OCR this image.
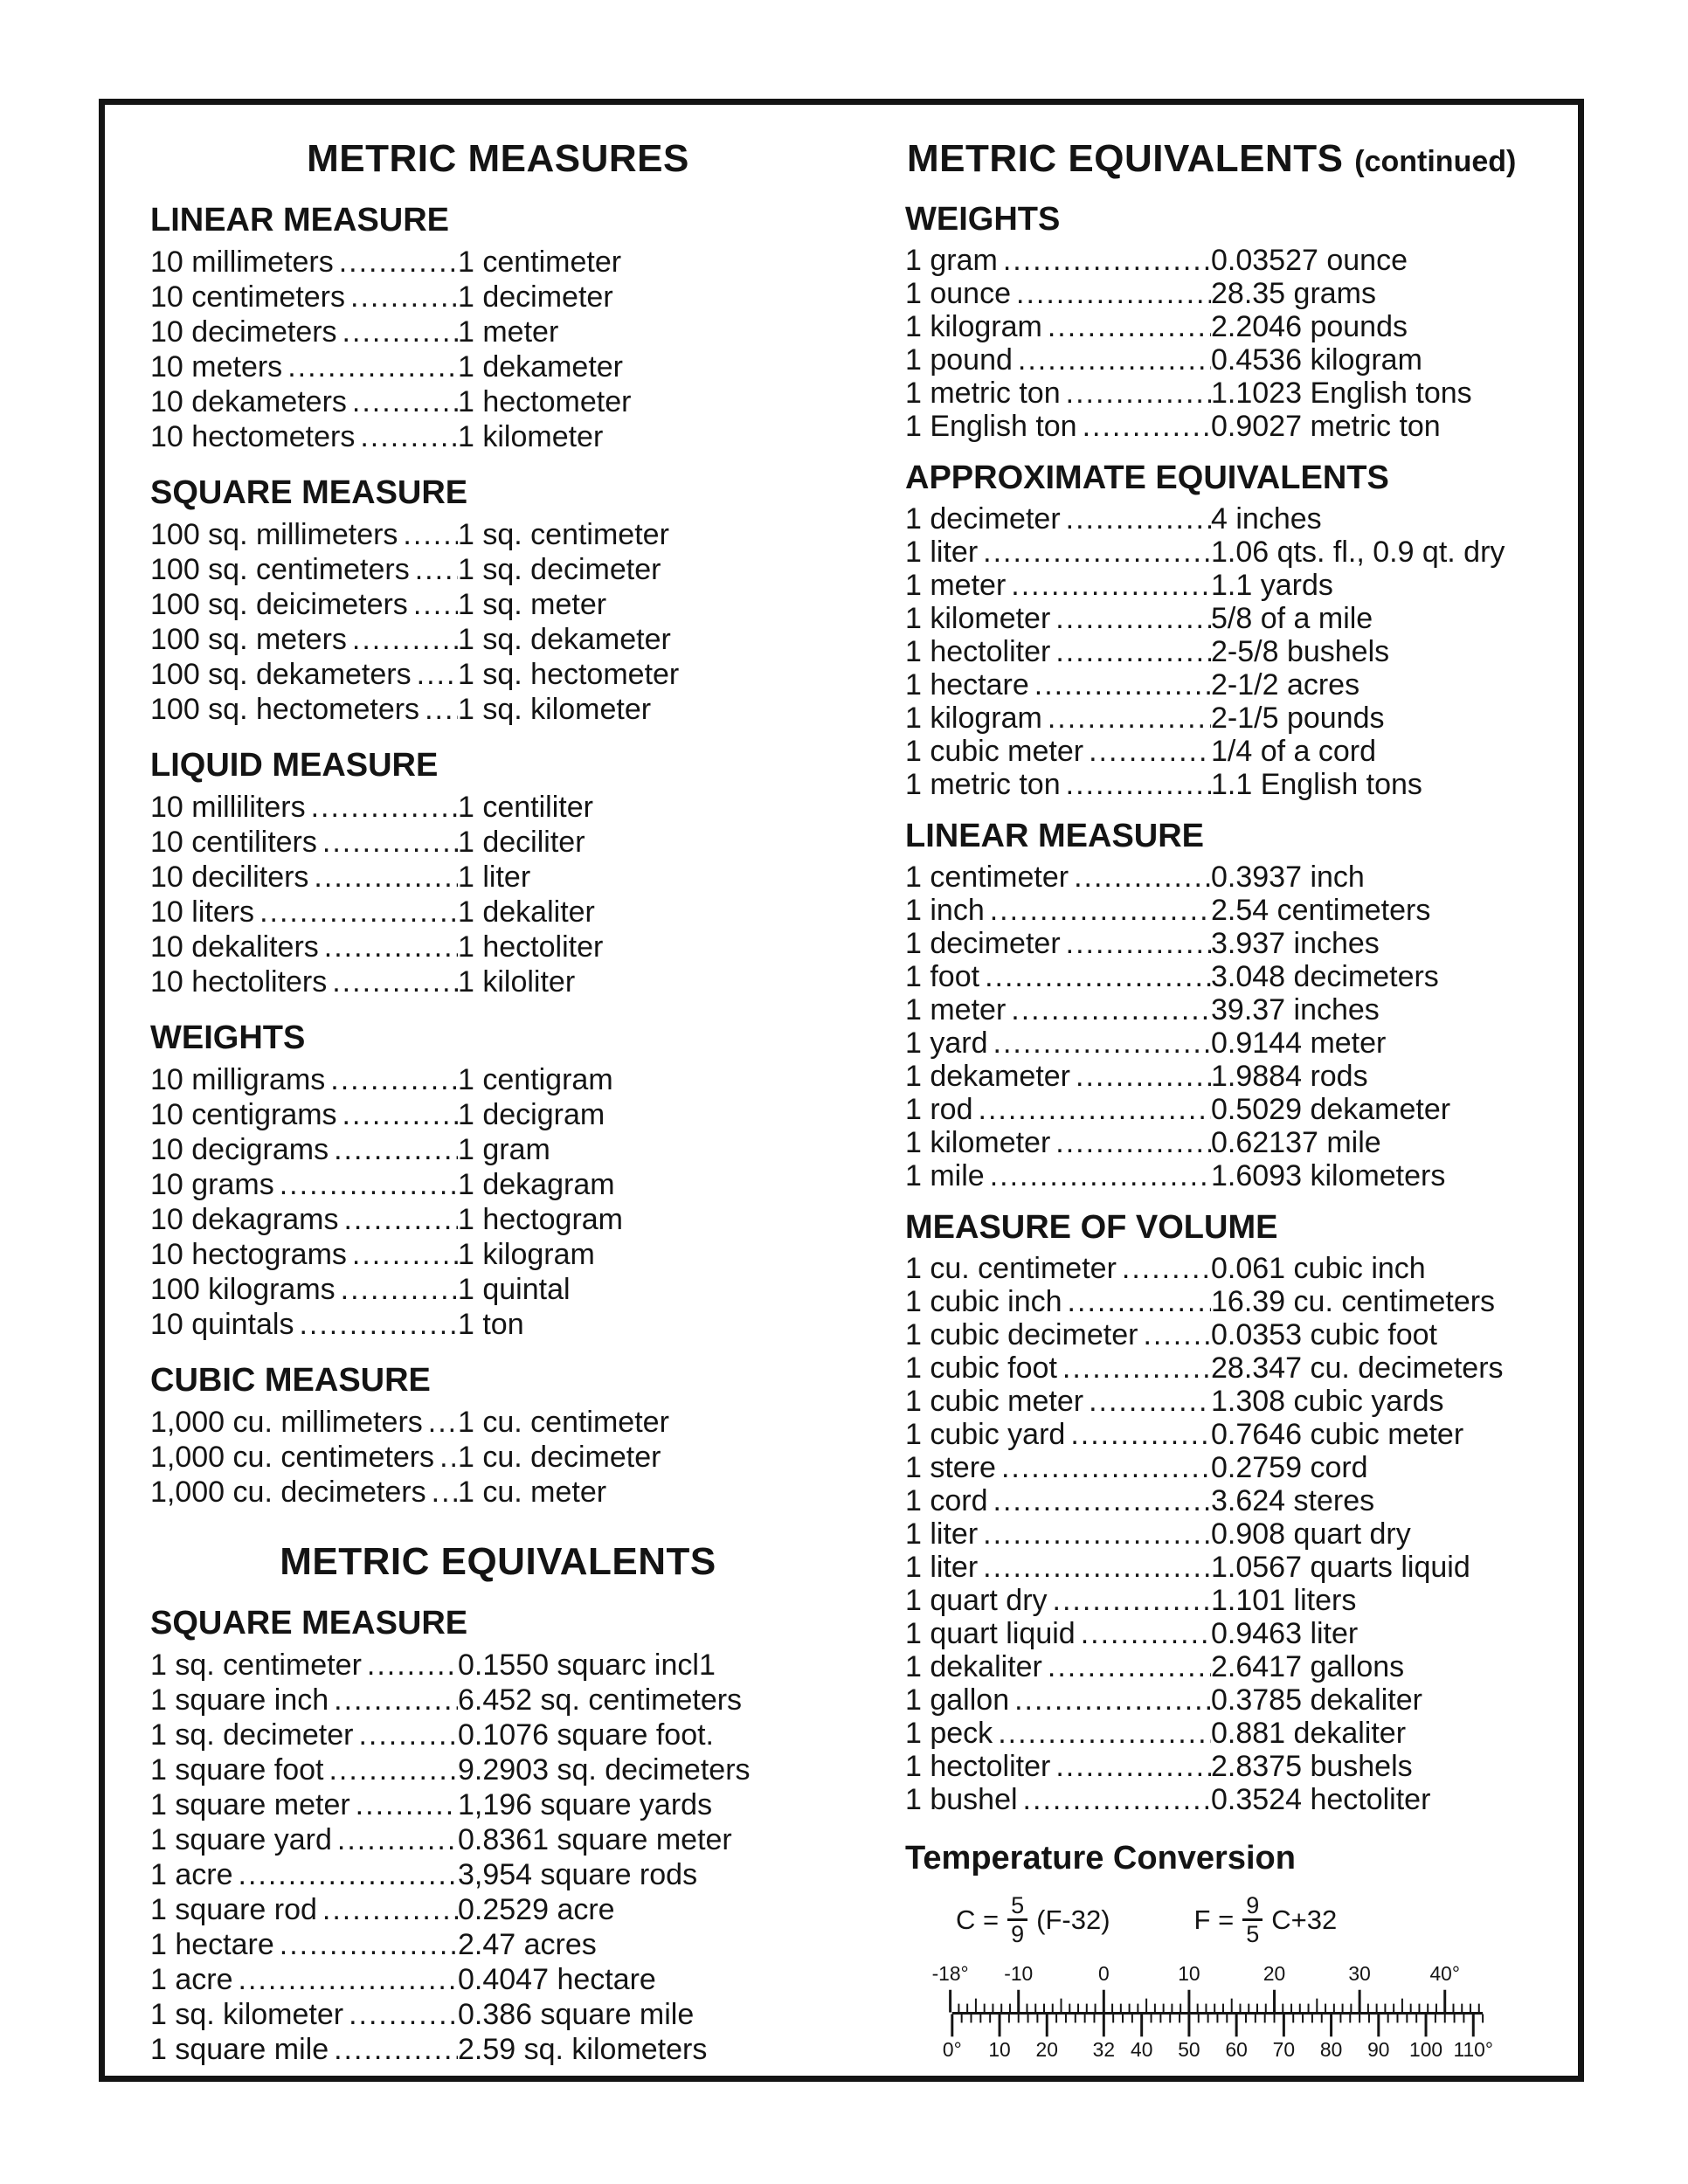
METRIC MEASURES
LINEAR MEASURE
10 millimeters .....	1 centimeter
10 centimeters .....	1 decimeter
10 decimeters .....	1 meter
10 meters .....	1 dekameter
10 dekameters .....	1 hectometer
10 hectometers .....	1 kilometer
SQUARE MEASURE
100 sq. millimeters ..... 1 sq. centimeter
100 sq. centimeters ..... 1 sq. decimeter
100 sq. deicimeters ..... 1 sq. meter
100 sq. meters .....	1 sq. dekameter
100 sq. dekameters ..... 1 sq. hectometer
100 sq. hectometers ..... 1 sq. kilometer
LIQUID MEASURE
10 milliliters .....	1 centiliter
10 centiliters .....	1 deciliter
10 deciliters .....	1 liter
10 liters .....	1 dekaliter
10 dekaliters .....	1 hectoliter
10 hectoliters .....	1 kiloliter
WEIGHTS
10 milligrams .....	1 centigram
10 centigrams .....	1 decigram
10 decigrams .....	1 gram
10 grams .....	1 dekagram
10 dekagrams .....	1 hectogram
10 hectograms .....	1 kilogram
100 kilograms .....	1 quintal
10 quintals .....	1 ton
CUBIC MEASURE
1,000 cu. millimeters ..... 1 cu. centimeter
1,000 cu. centimeters ..... 1 cu. decimeter
1,000 cu. decimeters ..... 1 cu. meter
METRIC EQUIVALENTS
SQUARE MEASURE
1 sq. centimeter .....	0.1550 squarc incl1
1 square inch .....	6.452 sq. centimeters
1 sq. decimeter .....	0.1076 square foot.
1 square foot .....	9.2903 sq. decimeters
1 square meter .....	1,196 square yards
1 square yard .....	0.8361 square meter
1 acre .....	3,954 square rods
1 square rod .....	0.2529 acre
1 hectare .....	2.47 acres
1 acre .....	0.4047 hectare
1 sq. kilometer .....	0.386 square mile
1 square mile .....	2.59 sq. kilometers
METRIC EQUIVALENTS (continued)
WEIGHTS
1 gram .....	0.03527 ounce
1 ounce .....	28.35 grams
1 kilogram .....	2.2046 pounds
1 pound .....	0.4536 kilogram
1 metric ton .....	1.1023 English tons
1 English ton .....	0.9027 metric ton
APPROXIMATE EQUIVALENTS
1 decimeter .....	4 inches
1 liter .....	1.06 qts. fl., 0.9 qt. dry
1 meter .....	1.1 yards
1 kilometer .....	5/8 of a mile
1 hectoliter .....	2-5/8 bushels
1 hectare .....	2-1/2 acres
1 kilogram .....	2-1/5 pounds
1 cubic meter .....	1/4 of a cord
1 metric ton .....	1.1 English tons
LINEAR MEASURE
1 centimeter .....	0.3937 inch
1 inch .....	2.54 centimeters
1 decimeter .....	3.937 inches
1 foot .....	3.048 decimeters
1 meter .....	39.37 inches
1 yard .....	0.9144 meter
1 dekameter .....	1.9884 rods
1 rod .....	0.5029 dekameter
1 kilometer .....	0.62137 mile
1 mile .....	1.6093 kilometers
MEASURE OF VOLUME
1 cu. centimeter .....	0.061 cubic inch
1 cubic inch .....	16.39 cu. centimeters
1 cubic decimeter ..... 0.0353 cubic foot
1 cubic foot .....	28.347 cu. decimeters
1 cubic meter .....	1.308 cubic yards
1 cubic yard .....	0.7646 cubic meter
1 stere .....	0.2759 cord
1 cord .....	3.624 steres
1 liter .....	0.908 quart dry
1 liter .....	1.0567 quarts liquid
1 quart dry .....	1.101 liters
1 quart liquid .....	0.9463 liter
1 dekaliter .....	2.6417 gallons
1 gallon .....	0.3785 dekaliter
1 peck .....	0.881 dekaliter
1 hectoliter .....	2.8375 bushels
1 bushel .....	0.3524 hectoliter
Temperature Conversion
$C = \frac{5}{9} (F-32)$	$F = \frac{9}{5} C+32$
-18° -10	0	10	20	30	40°
0° 10 20 32 40 50 60 70 80 90 100 110°
